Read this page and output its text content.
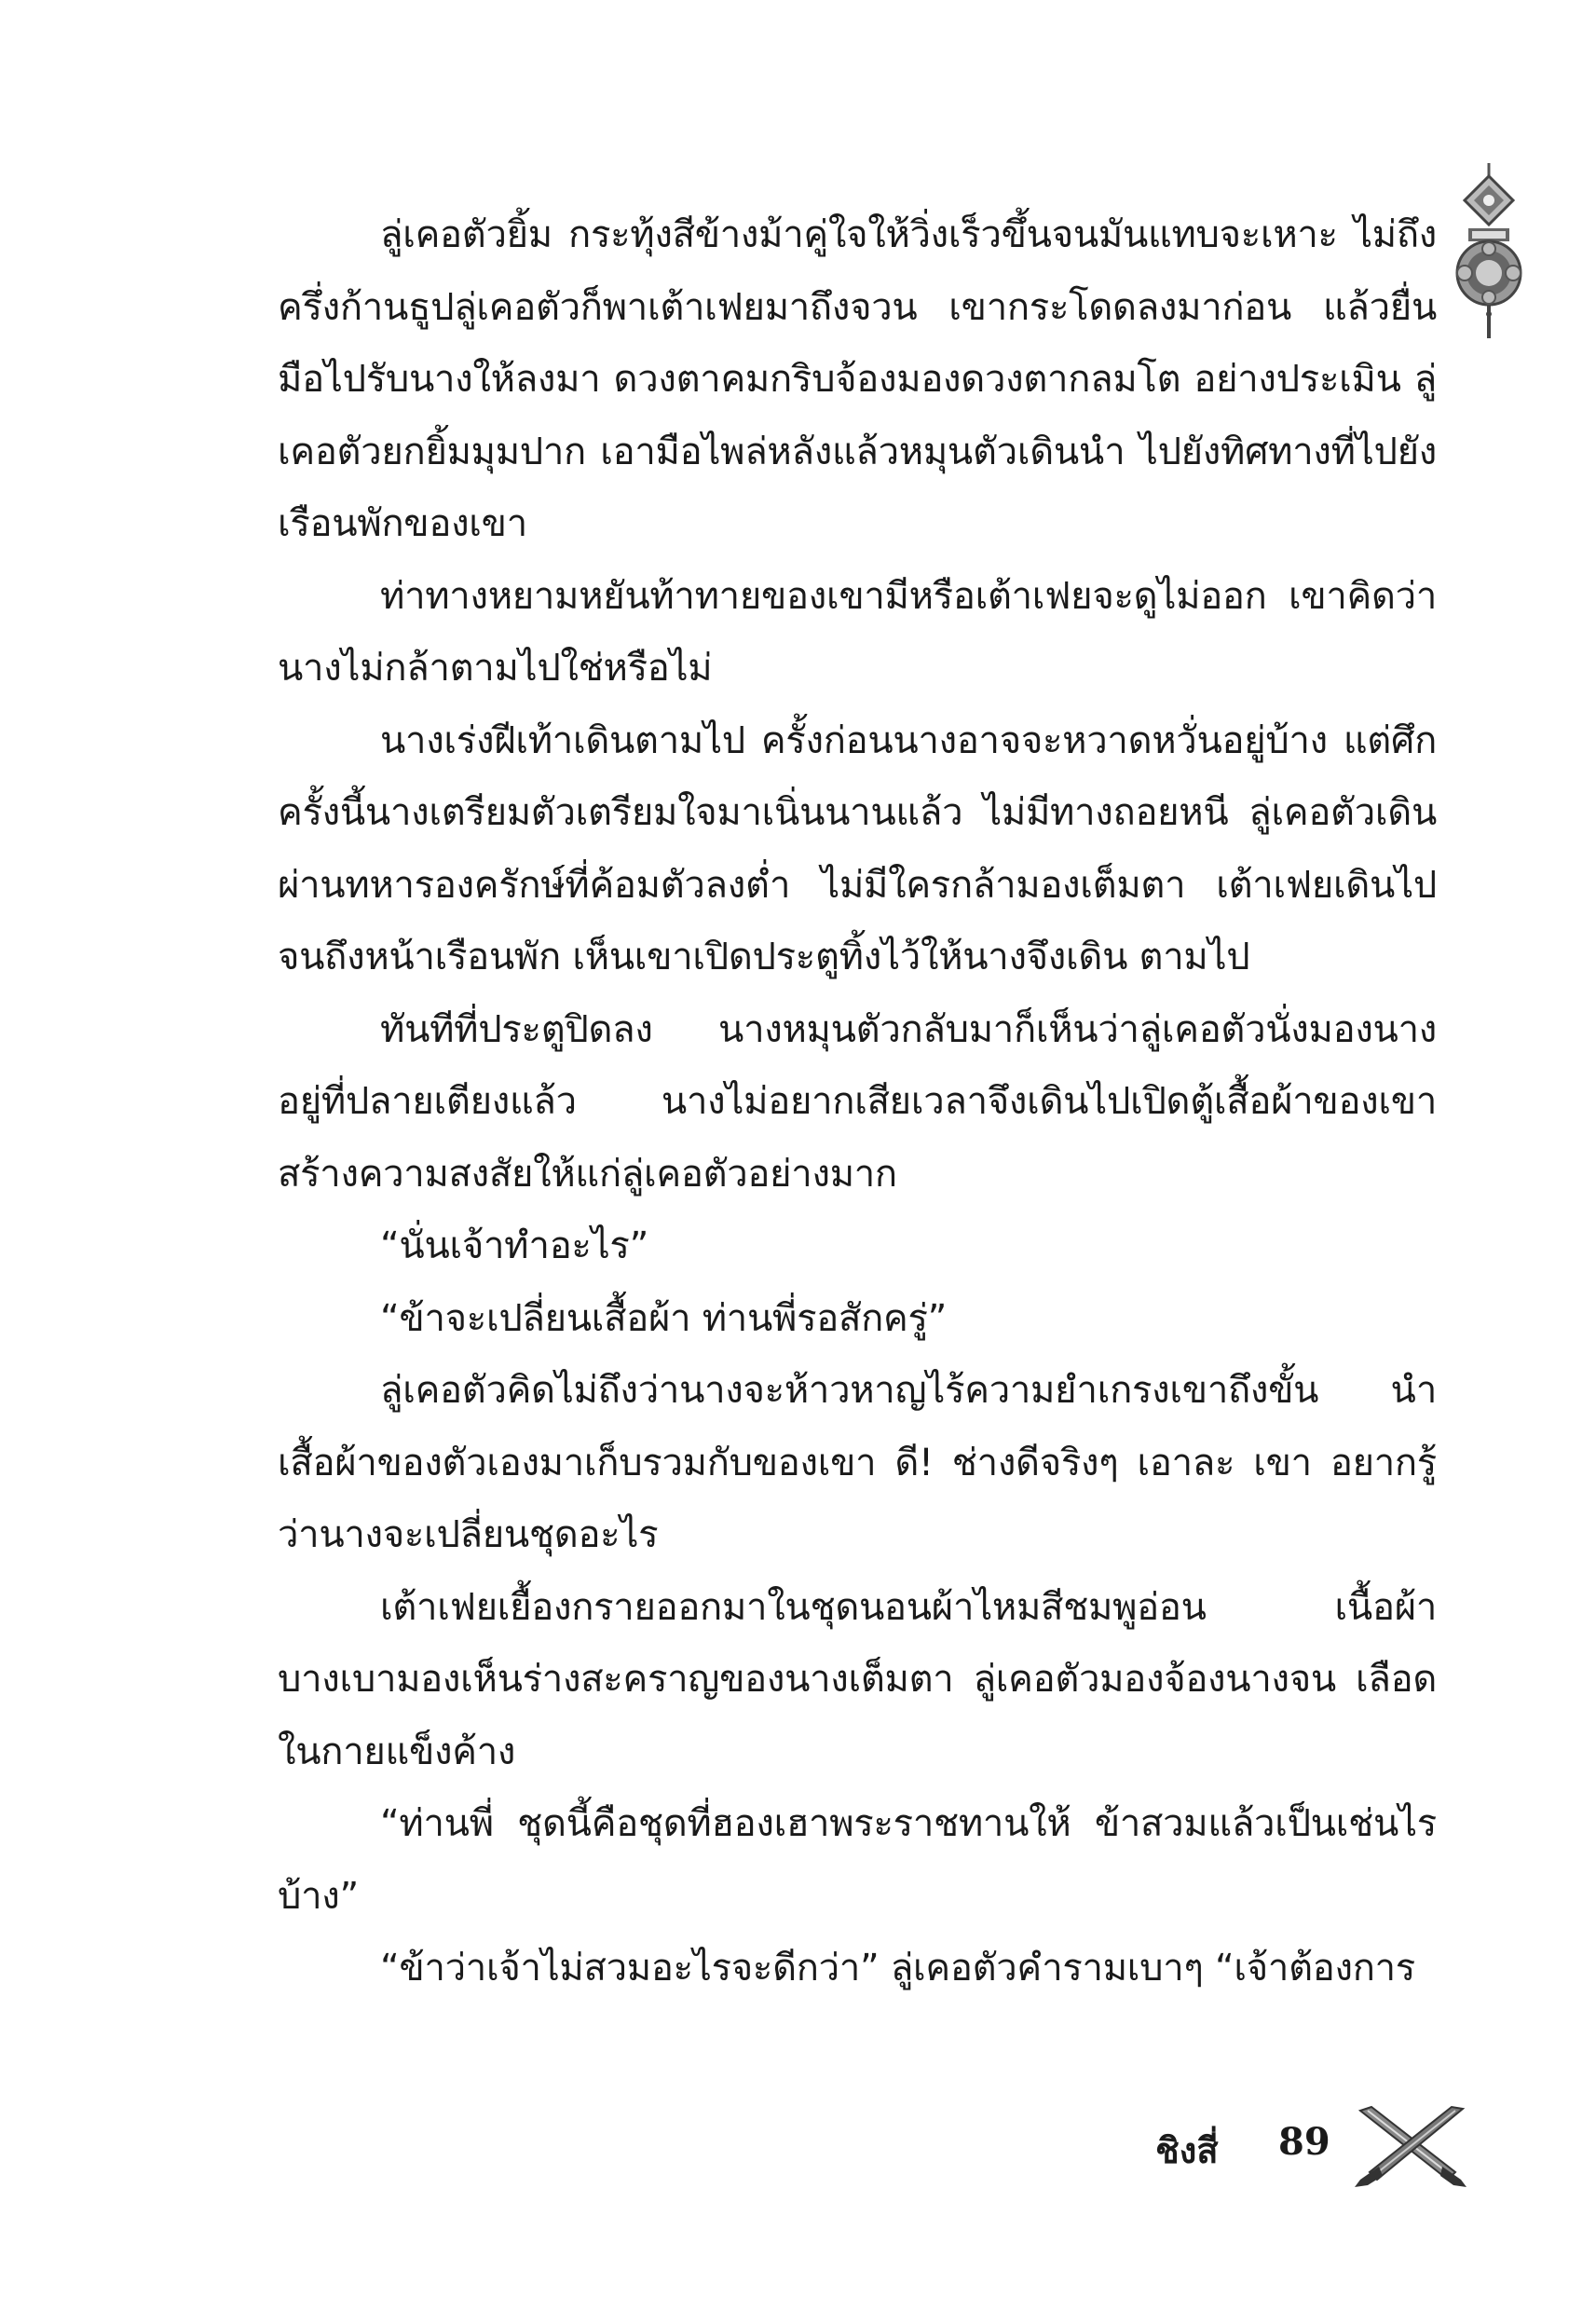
ลู่เคอตัวยิ้ม กระทุ้งสีข้างม้าคู่ใจให้วิ่งเร็วขึ้นจนมันแทบจะเหาะ ไม่ถึงครึ่งก้านธูปลู่เคอตัวก็พาเต้าเฟยมาถึงจวน เขากระโดดลงมาก่อน แล้วยื่นมือไปรับนางให้ลงมา ดวงตาคมกริบจ้องมองดวงตากลมโต อย่างประเมิน ลู่เคอตัวยกยิ้มมุมปาก เอามือไพล่หลังแล้วหมุนตัวเดินนำ ไปยังทิศทางที่ไปยังเรือนพักของเขา

ท่าทางหยามหยันท้าทายของเขามีหรือเต้าเฟยจะดูไม่ออก เขาคิดว่า นางไม่กล้าตามไปใช่หรือไม่

นางเร่งฝีเท้าเดินตามไป ครั้งก่อนนางอาจจะหวาดหวั่นอยู่บ้าง แต่ศึกครั้งนี้นางเตรียมตัวเตรียมใจมาเนิ่นนานแล้ว ไม่มีทางถอยหนี ลู่เคอตัวเดินผ่านทหารองครักษ์ที่ค้อมตัวลงต่ำ ไม่มีใครกล้ามองเต็มตา เต้าเฟยเดินไปจนถึงหน้าเรือนพัก เห็นเขาเปิดประตูทิ้งไว้ให้นางจึงเดิน ตามไป

ทันทีที่ประตูปิดลง นางหมุนตัวกลับมาก็เห็นว่าลู่เคอตัวนั่งมองนาง อยู่ที่ปลายเตียงแล้ว นางไม่อยากเสียเวลาจึงเดินไปเปิดตู้เสื้อผ้าของเขา สร้างความสงสัยให้แก่ลู่เคอตัวอย่างมาก

“นั่นเจ้าทำอะไร”

“ข้าจะเปลี่ยนเสื้อผ้า ท่านพี่รอสักครู่”

ลู่เคอตัวคิดไม่ถึงว่านางจะห้าวหาญไร้ความยำเกรงเขาถึงขั้น นำเสื้อผ้าของตัวเองมาเก็บรวมกับของเขา ดี! ช่างดีจริงๆ เอาละ เขา อยากรู้ว่านางจะเปลี่ยนชุดอะไร

เต้าเฟยเยื้องกรายออกมาในชุดนอนผ้าไหมสีชมพูอ่อน เนื้อผ้า บางเบามองเห็นร่างสะคราญของนางเต็มตา ลู่เคอตัวมองจ้องนางจน เลือดในกายแข็งค้าง

“ท่านพี่ ชุดนี้คือชุดที่ฮองเฮาพระราชทานให้ ข้าสวมแล้วเป็นเช่นไร บ้าง”

“ข้าว่าเจ้าไม่สวมอะไรจะดีกว่า” ลู่เคอตัวคำรามเบาๆ “เจ้าต้องการ

ชิงสี่ 89
